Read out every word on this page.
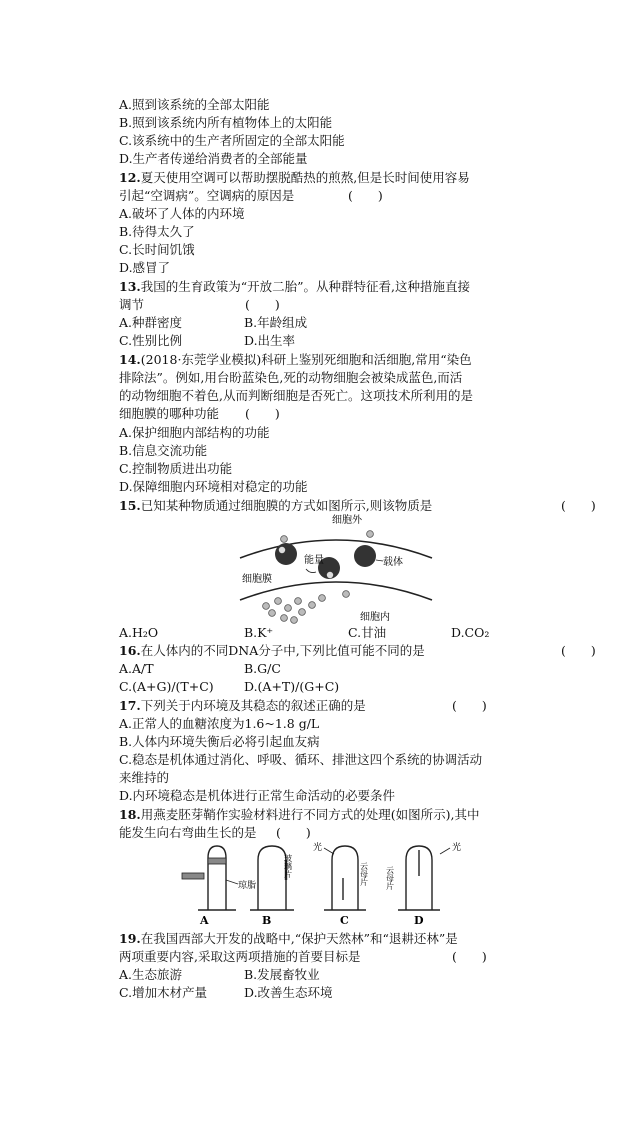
A.照到该系统的全部太阳能
B.照到该系统内所有植物体上的太阳能
C.该系统中的生产者所固定的全部太阳能
D.生产者传递给消费者的全部能量
12.夏天使用空调可以帮助摆脱酷热的煎熬,但是长时间使用容易
引起“空调病”。空调病的原因是	(　　)
A.破坏了人体的内环境
B.待得太久了
C.长时间饥饿
D.感冒了
13.我国的生育政策为“开放二胎”。从种群特征看,这种措施直接
调节	(　　)
A.种群密度	B.年龄组成
C.性别比例	D.出生率
14.(2018·东莞学业模拟)科研上鉴别死细胞和活细胞,常用“染色
排除法”。例如,用台盼蓝染色,死的动物细胞会被染成蓝色,而活
的动物细胞不着色,从而判断细胞是否死亡。这项技术所利用的是
细胞膜的哪种功能 (　　)
A.保护细胞内部结构的功能
B.信息交流功能
C.控制物质进出功能
D.保障细胞内环境相对稳定的功能
15.已知某种物质通过细胞膜的方式如图所示,则该物质是	(　　)
细胞外
细胞膜
能量	载体
细胞内
A.H₂O	B.K⁺	C.甘油	D.CO₂
16.在人体内的不同DNA分子中,下列比值可能不同的是	(　　)
A.A/T	B.G/C
C.(A+G)/(T+C) D.(A+T)/(G+C)
17.下列关于内环境及其稳态的叙述正确的是	(　　)
A.正常人的血糖浓度为1.6~1.8 g/L
B.人体内环境失衡后必将引起血友病
C.稳态是机体通过消化、呼吸、循环、排泄这四个系统的协调活动
来维持的
D.内环境稳态是机体进行正常生命活动的必要条件
18.用燕麦胚芽鞘作实验材料进行不同方式的处理(如图所示),其中
能发生向右弯曲生长的是 (　　)
琼脂
A
玻璃片
B
光
云母片
C
云母片
光
D
19.在我国西部大开发的战略中,“保护天然林”和“退耕还林”是
两项重要内容,采取这两项措施的首要目标是	(　　)
A.生态旅游	B.发展畜牧业
C.增加木材产量	D.改善生态环境
